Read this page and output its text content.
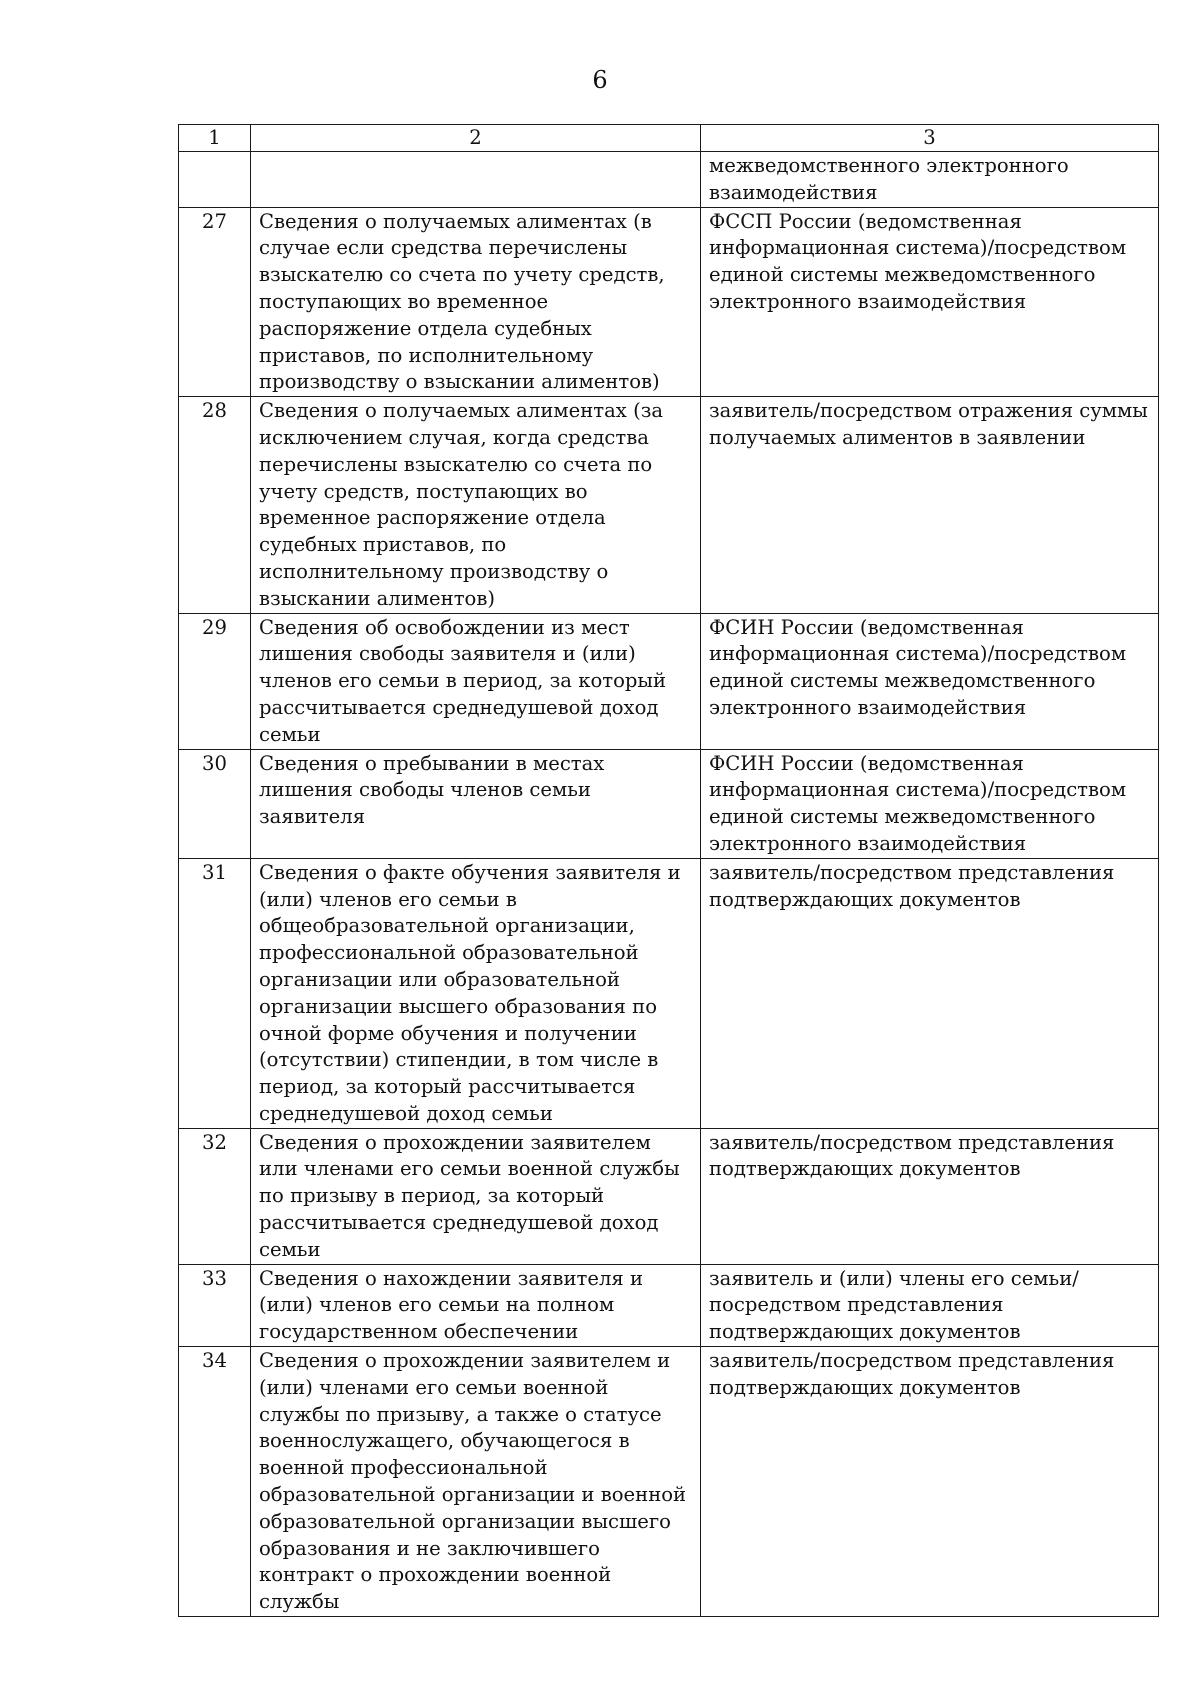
6
1	2	3
		межведомственного электронного взаимодействия
27	Сведения о получаемых алиментах (в случае если средства перечислены взыскателю со счета по учету средств, поступающих во временное распоряжение отдела судебных приставов, по исполнительному производству о взыскании алиментов)	ФССП России (ведомственная информационная система)/посредством единой системы межведомственного электронного взаимодействия
28	Сведения о получаемых алиментах (за исключением случая, когда средства перечислены взыскателю со счета по учету средств, поступающих во временное распоряжение отдела судебных приставов, по исполнительному производству о взыскании алиментов)	заявитель/посредством отражения суммы получаемых алиментов в заявлении
29	Сведения об освобождении из мест лишения свободы заявителя и (или) членов его семьи в период, за который рассчитывается среднедушевой доход семьи	ФСИН России (ведомственная информационная система)/посредством единой системы межведомственного электронного взаимодействия
30	Сведения о пребывании в местах лишения свободы членов семьи заявителя	ФСИН России (ведомственная информационная система)/посредством единой системы межведомственного электронного взаимодействия
31	Сведения о факте обучения заявителя и (или) членов его семьи в общеобразовательной организации, профессиональной образовательной организации или образовательной организации высшего образования по очной форме обучения и получении (отсутствии) стипендии, в том числе в период, за который рассчитывается среднедушевой доход семьи	заявитель/посредством представления подтверждающих документов
32	Сведения о прохождении заявителем или членами его семьи военной службы по призыву в период, за который рассчитывается среднедушевой доход семьи	заявитель/посредством представления подтверждающих документов
33	Сведения о нахождении заявителя и (или) членов его семьи на полном государственном обеспечении	заявитель и (или) члены его семьи/посредством представления подтверждающих документов
34	Сведения о прохождении заявителем и (или) членами его семьи военной службы по призыву, а также о статусе военнослужащего, обучающегося в военной профессиональной образовательной организации и военной образовательной организации высшего образования и не заключившего контракт о прохождении военной службы	заявитель/посредством представления подтверждающих документов
